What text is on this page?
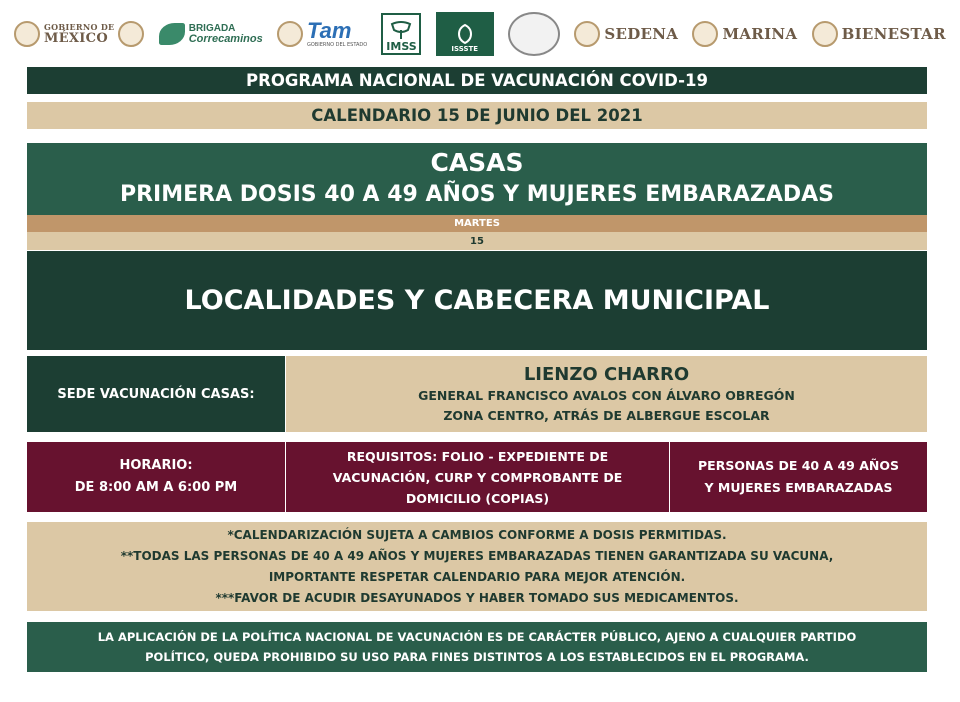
GOBIERNO DE
MÉXICO
BRIGADA
Correcaminos Tam
GOBIERNO DEL ESTADO IMSS	ISSSTE
SEDENA	MARINA	BIENESTAR
PROGRAMA NACIONAL DE VACUNACIÓN COVID-19
CALENDARIO 15 DE JUNIO DEL 2021
CASAS
PRIMERA DOSIS 40 A 49 AÑOS Y MUJERES EMBARAZADAS
MARTES
15
LOCALIDADES Y CABECERA MUNICIPAL
SEDE VACUNACIÓN CASAS:
LIENZO CHARRO
GENERAL FRANCISCO AVALOS CON ÁLVARO OBREGÓN
ZONA CENTRO, ATRÁS DE ALBERGUE ESCOLAR
HORARIO:
DE 8:00 AM A 6:00 PM
REQUISITOS: FOLIO - EXPEDIENTE DE
VACUNACIÓN, CURP Y COMPROBANTE DE
DOMICILIO (COPIAS)
PERSONAS DE 40 A 49 AÑOS
Y MUJERES EMBARAZADAS
*CALENDARIZACIÓN SUJETA A CAMBIOS CONFORME A DOSIS PERMITIDAS.
**TODAS LAS PERSONAS DE 40 A 49 AÑOS Y MUJERES EMBARAZADAS TIENEN GARANTIZADA SU VACUNA,
IMPORTANTE RESPETAR CALENDARIO PARA MEJOR ATENCIÓN.
***FAVOR DE ACUDIR DESAYUNADOS Y HABER TOMADO SUS MEDICAMENTOS.
LA APLICACIÓN DE LA POLÍTICA NACIONAL DE VACUNACIÓN ES DE CARÁCTER PÚBLICO, AJENO A CUALQUIER PARTIDO
POLÍTICO, QUEDA PROHIBIDO SU USO PARA FINES DISTINTOS A LOS ESTABLECIDOS EN EL PROGRAMA.
